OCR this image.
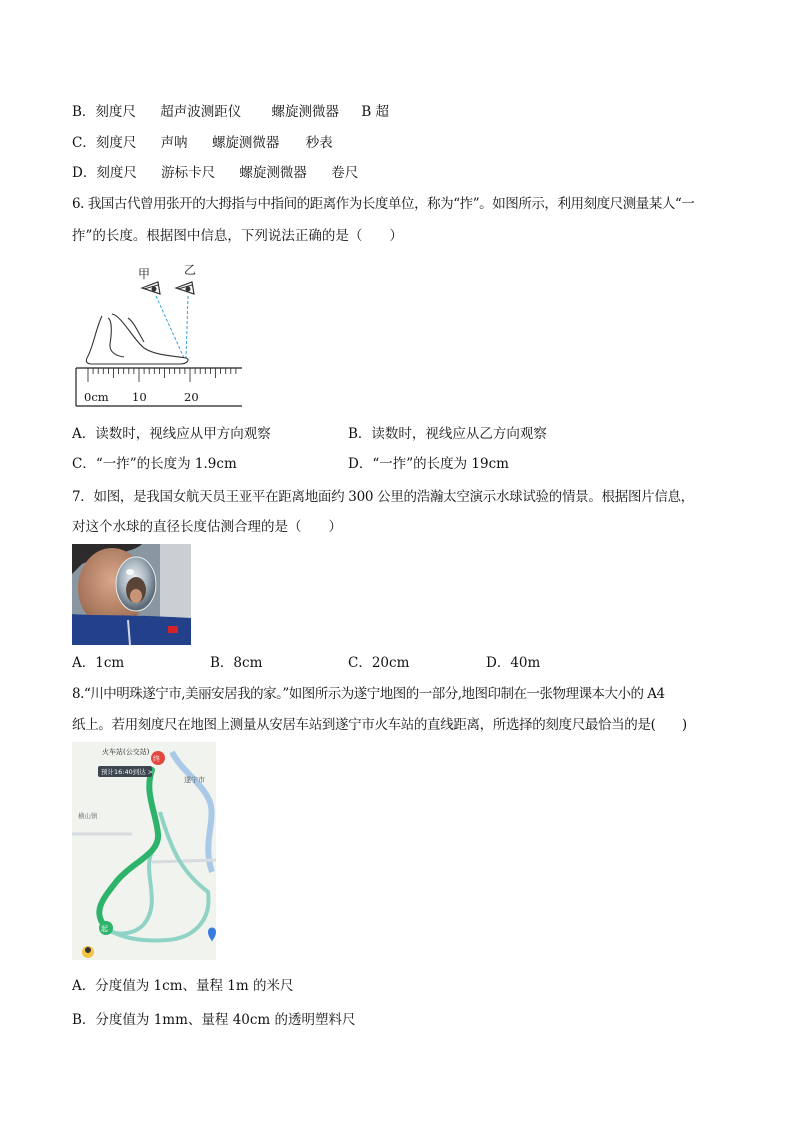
B．刻度尺 超声波测距仪 螺旋测微器 B 超
C．刻度尺 声呐 螺旋测微器 秒表
D．刻度尺 游标卡尺 螺旋测微器 卷尺
6. 我国古代曾用张开的大拇指与中指间的距离作为长度单位，称为“拃”。如图所示，利用刻度尺测量某人“一
拃”的长度。根据图中信息，下列说法正确的是（　　）
甲	乙
0cm 10	20
A．读数时，视线应从甲方向观察	B．读数时，视线应从乙方向观察
C．“一拃”的长度为 1.9cm	D．“一拃”的长度为 19cm
7．如图，是我国女航天员王亚平在距离地面约 300 公里的浩瀚太空演示水球试验的情景。根据图片信息，
对这个水球的直径长度估测合理的是（　　）
A．1cm	B．8cm	C．20cm	D．40m
8.“川中明珠遂宁市,美丽安居我的家。”如图所示为遂宁地图的一部分,地图印制在一张物理课本大小的 A4
纸上。若用刻度尺在地图上测量从安居车站到遂宁市火车站的直线距离，所选择的刻度尺最恰当的是(　　)
火车站(公交站)
预计16:40到达 >
遂宁市
横山镇
终
起
A．分度值为 1cm、量程 1m 的米尺
B．分度值为 1mm、量程 40cm 的透明塑料尺
